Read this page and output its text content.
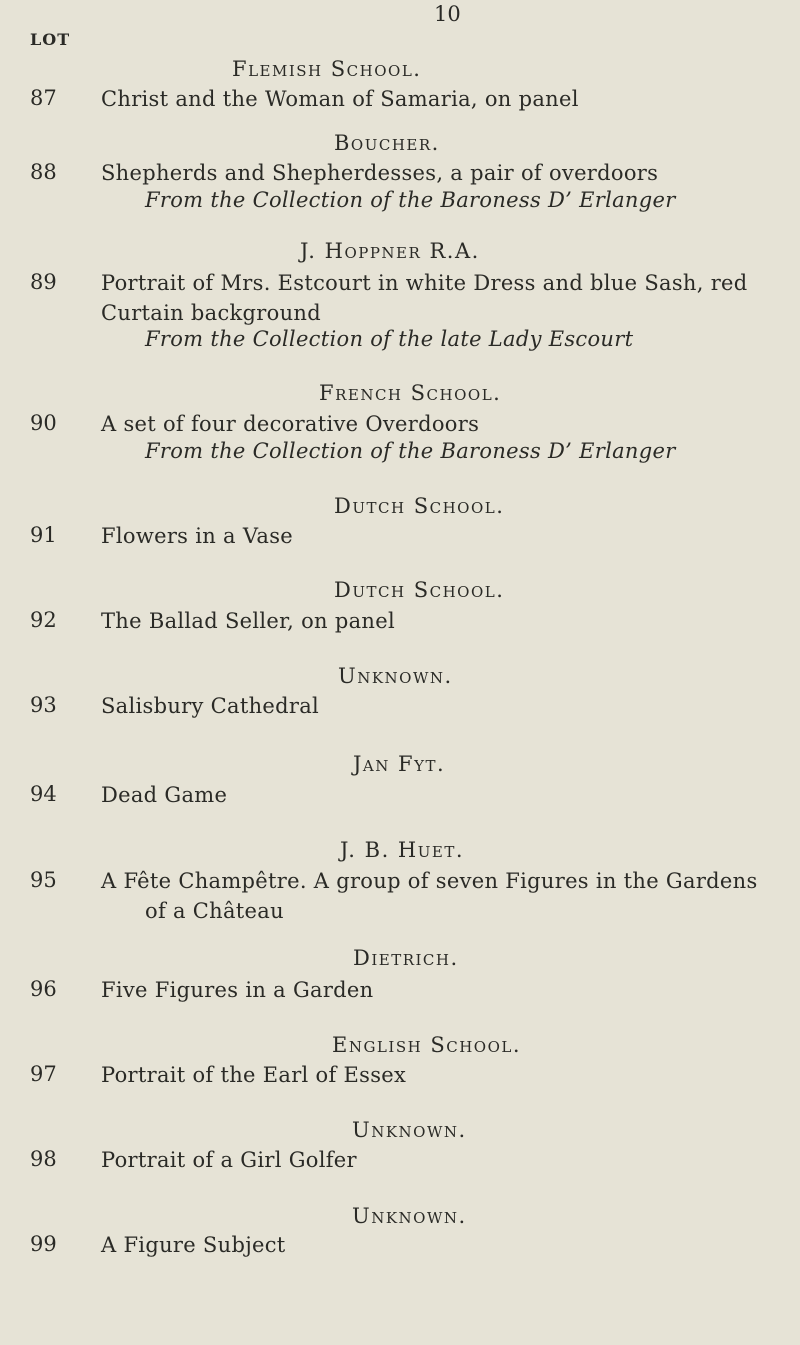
10
LOT
Flemish School.
87 Christ and the Woman of Samaria, on panel
Boucher.
88 Shepherds and Shepherdesses, a pair of overdoors
From the Collection of the Baroness D’ Erlanger
J. Hoppner R.A.
89 Portrait of Mrs. Estcourt in white Dress and blue Sash, red Curtain background
From the Collection of the late Lady Escourt
French School.
90 A set of four decorative Overdoors
From the Collection of the Baroness D’ Erlanger
Dutch School.
91 Flowers in a Vase
Dutch School.
92 The Ballad Seller, on panel
Unknown.
93 Salisbury Cathedral
Jan Fyt.
94 Dead Game
J. B. Huet.
95 A Fête Champêtre. A group of seven Figures in the Gardens of a Château
Dietrich.
96 Five Figures in a Garden
English School.
97 Portrait of the Earl of Essex
Unknown.
98 Portrait of a Girl Golfer
Unknown.
99 A Figure Subject
